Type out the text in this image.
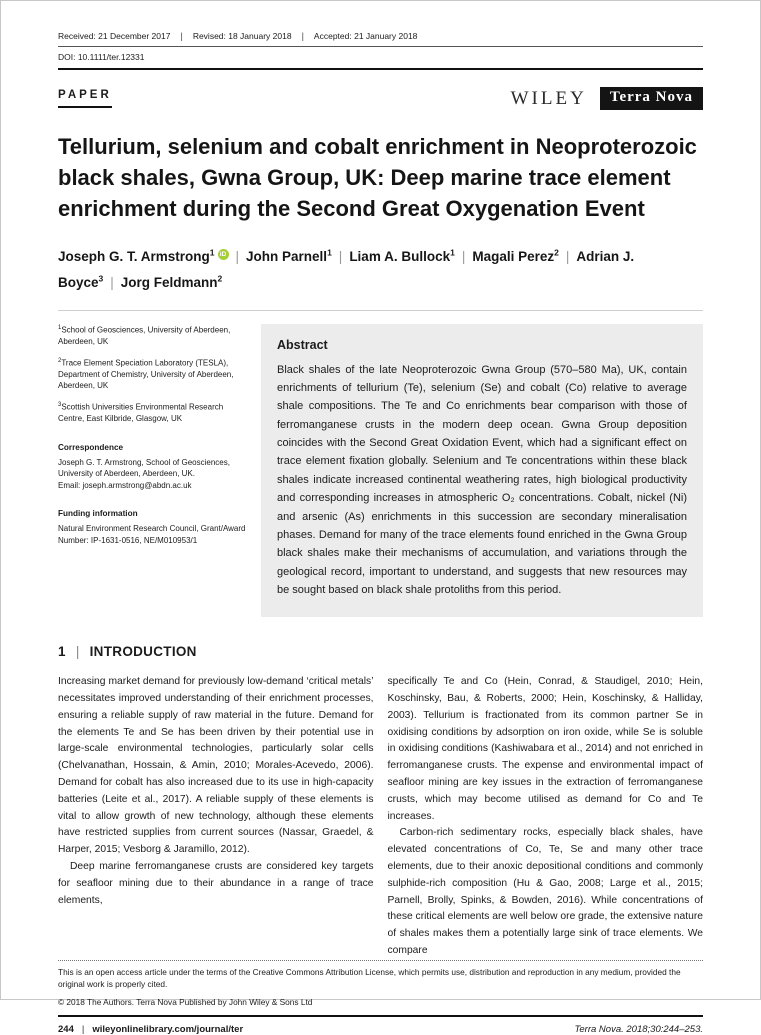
Received: 21 December 2017 | Revised: 18 January 2018 | Accepted: 21 January 2018
DOI: 10.1111/ter.12331
PAPER	WILEY	Terra Nova
Tellurium, selenium and cobalt enrichment in Neoproterozoic black shales, Gwna Group, UK: Deep marine trace element enrichment during the Second Great Oxygenation Event
Joseph G. T. Armstrong$^1$ iD | John Parnell$^1$ | Liam A. Bullock$^1$ | Magali Perez$^2$ | Adrian J. Boyce$^3$ | Jorg Feldmann$^2$
$^1$School of Geosciences, University of Aberdeen, Aberdeen, UK
$^2$Trace Element Speciation Laboratory (TESLA), Department of Chemistry, University of Aberdeen, Aberdeen, UK
$^3$Scottish Universities Environmental Research Centre, East Kilbride, Glasgow, UK
Correspondence
Joseph G. T. Armstrong, School of Geosciences, University of Aberdeen, Aberdeen, UK.
Email: joseph.armstrong@abdn.ac.uk
Funding information
Natural Environment Research Council, Grant/Award Number: IP-1631-0516, NE/M010953/1
Abstract

Black shales of the late Neoproterozoic Gwna Group (570–580 Ma), UK, contain enrichments of tellurium (Te), selenium (Se) and cobalt (Co) relative to average shale compositions. The Te and Co enrichments bear comparison with those of ferromanganese crusts in the modern deep ocean. Gwna Group deposition coincides with the Second Great Oxidation Event, which had a significant effect on trace element fixation globally. Selenium and Te concentrations within these black shales indicate increased continental weathering rates, high biological productivity and corresponding increases in atmospheric O₂ concentrations. Cobalt, nickel (Ni) and arsenic (As) enrichments in this succession are secondary mineralisation phases. Demand for many of the trace elements found enriched in the Gwna Group black shales make their mechanisms of accumulation, and variations through the geological record, important to understand, and suggests that new resources may be sought based on black shale protoliths from this period.

1 | INTRODUCTION

Increasing market demand for previously low-demand ‘critical metals’ necessitates improved understanding of their enrichment processes, ensuring a reliable supply of raw material in the future. Demand for the elements Te and Se has been driven by their potential use in large-scale environmental technologies, particularly solar cells (Chelvanathan, Hossain, & Amin, 2010; Morales-Acevedo, 2006). Demand for cobalt has also increased due to its use in high-capacity batteries (Leite et al., 2017). A reliable supply of these elements is vital to allow growth of new technology, although these elements have restricted supplies from current sources (Nassar, Graedel, & Harper, 2015; Vesborg & Jaramillo, 2012).

Deep marine ferromanganese crusts are considered key targets for seafloor mining due to their abundance in a range of trace elements,

specifically Te and Co (Hein, Conrad, & Staudigel, 2010; Hein, Koschinsky, Bau, & Roberts, 2000; Hein, Koschinsky, & Halliday, 2003). Tellurium is fractionated from its common partner Se in oxidising conditions by adsorption on iron oxide, while Se is soluble in oxidising conditions (Kashiwabara et al., 2014) and not enriched in ferromanganese crusts. The expense and environmental impact of seafloor mining are key issues in the extraction of ferromanganese crusts, which may become utilised as demand for Co and Te increases.

Carbon-rich sedimentary rocks, especially black shales, have elevated concentrations of Co, Te, Se and many other trace elements, due to their anoxic depositional conditions and commonly sulphide-rich composition (Hu & Gao, 2008; Large et al., 2015; Parnell, Brolly, Spinks, & Bowden, 2016). While concentrations of these critical elements are well below ore grade, the extensive nature of shales makes them a potentially large sink of trace elements. We compare

This is an open access article under the terms of the Creative Commons Attribution License, which permits use, distribution and reproduction in any medium, provided the original work is properly cited.

© 2018 The Authors. Terra Nova Published by John Wiley & Sons Ltd

244 | wileyonlinelibrary.com/journal/ter	Terra Nova. 2018;30:244–253.
